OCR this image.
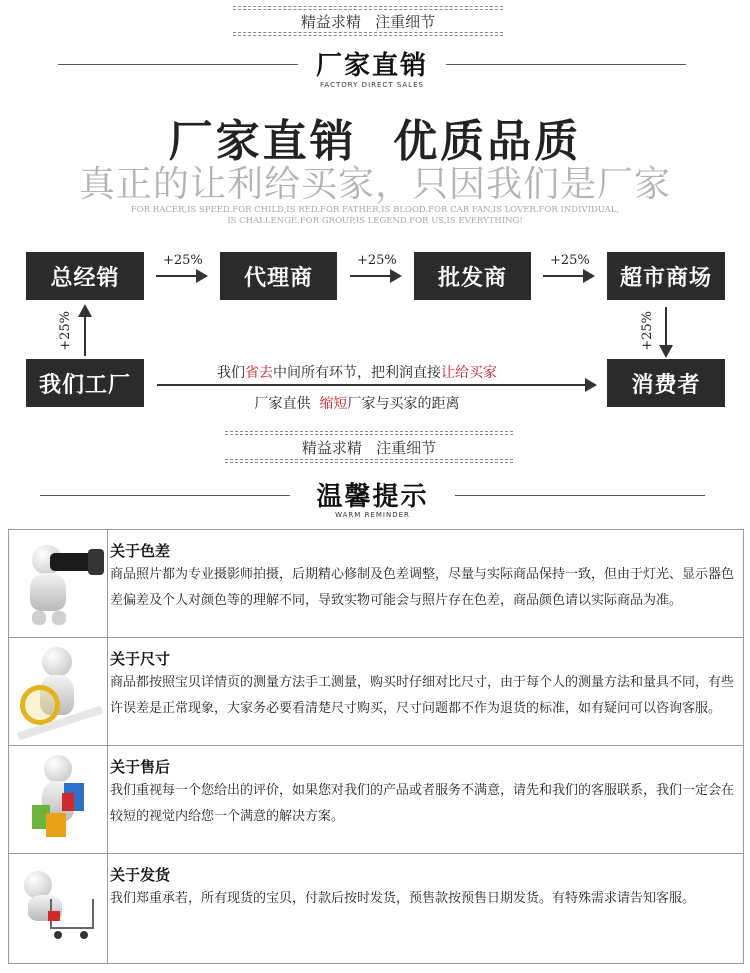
精益求精   注重细节
厂家直销
FACTORY DIRECT SALES
厂家直销  优质品质
真正的让利给买家，只因我们是厂家
FOR RACER,IS SPEED.FOR CHILD,IS RED.FOR FATHER,IS BLOOD.FOR CAR FAN,IS LOVER.FOR INDIVIDUAL,
IS CHALLENGE.FOR GROUP,IS LEGEND.FOR US,IS EVERYTHING!
总经销	代理商	批发商	超市商场
我们工厂	消费者
+25%	+25%	+25%
+25%	+25%
我们省去中间所有环节，把利润直接让给买家
厂家直供  缩短厂家与买家的距离
精益求精   注重细节
温馨提示
WARM REMINDER

	关于色差
商品照片都为专业摄影师拍摄，后期精心修制及色差调整，尽量与实际商品保持一致，但由于灯光、显示器色差偏差及个人对颜色等的理解不同，导致实物可能会与照片存在色差，商品颜色请以实际商品为准。

	关于尺寸
商品都按照宝贝详情页的测量方法手工测量，购买时仔细对比尺寸，由于每个人的测量方法和量具不同，有些许误差是正常现象，大家务必要看清楚尺寸购买，尺寸问题都不作为退货的标准，如有疑问可以咨询客服。

	关于售后
我们重视每一个您给出的评价，如果您对我们的产品或者服务不满意，请先和我们的客服联系，我们一定会在较短的视觉内给您一个满意的解决方案。

	关于发货
我们郑重承若，所有现货的宝贝，付款后按时发货，预售款按预售日期发货。有特殊需求请告知客服。
